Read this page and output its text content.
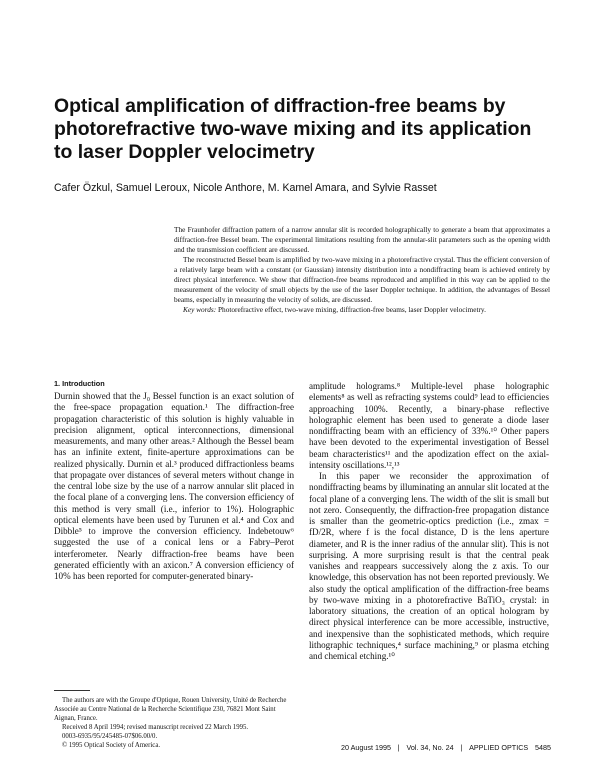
Optical amplification of diffraction-free beams by photorefractive two-wave mixing and its application to laser Doppler velocimetry

Cafer Özkul, Samuel Leroux, Nicole Anthore, M. Kamel Amara, and Sylvie Rasset

The Fraunhofer diffraction pattern of a narrow annular slit is recorded holographically to generate a beam that approximates a diffraction-free Bessel beam. The experimental limitations resulting from the annular-slit parameters such as the opening width and the transmission coefficient are discussed.

The reconstructed Bessel beam is amplified by two-wave mixing in a photorefractive crystal. Thus the efficient conversion of a relatively large beam with a constant (or Gaussian) intensity distribution into a nondiffracting beam is achieved entirely by direct physical interference. We show that diffraction-free beams reproduced and amplified in this way can be applied to the measurement of the velocity of small objects by the use of the laser Doppler technique. In addition, the advantages of Bessel beams, especially in measuring the velocity of solids, are discussed.

Key words: Photorefractive effect, two-wave mixing, diffraction-free beams, laser Doppler velocimetry.

1. Introduction

Durnin showed that the J₀ Bessel function is an exact solution of the free-space propagation equation.¹ The diffraction-free propagation characteristic of this solution is highly valuable in precision alignment, optical interconnections, dimensional measurements, and many other areas.² Although the Bessel beam has an infinite extent, finite-aperture approximations can be realized physically. Durnin et al.³ produced diffractionless beams that propagate over distances of several meters without change in the central lobe size by the use of a narrow annular slit placed in the focal plane of a converging lens. The conversion efficiency of this method is very small (i.e., inferior to 1%). Holographic optical elements have been used by Turunen et al.⁴ and Cox and Dibble⁵ to improve the conversion efficiency. Indebetouw⁶ suggested the use of a conical lens or a Fabry–Perot interferometer. Nearly diffraction-free beams have been generated efficiently with an axicon.⁷ A conversion efficiency of 10% has been reported for computer-generated binary-

amplitude holograms.⁸ Multiple-level phase holographic elements⁸ as well as refracting systems could⁹ lead to efficiencies approaching 100%. Recently, a binary-phase reflective holographic element has been used to generate a diode laser nondiffracting beam with an efficiency of 33%.¹⁰ Other papers have been devoted to the experimental investigation of Bessel beam characteristics¹¹ and the apodization effect on the axial-intensity oscillations.¹²,¹³

In this paper we reconsider the approximation of nondiffracting beams by illuminating an annular slit located at the focal plane of a converging lens. The width of the slit is small but not zero. Consequently, the diffraction-free propagation distance is smaller than the geometric-optics prediction (i.e., zmax = fD/2R, where f is the focal distance, D is the lens aperture diameter, and R is the inner radius of the annular slit). This is not surprising. A more surprising result is that the central peak vanishes and reappears successively along the z axis. To our knowledge, this observation has not been reported previously. We also study the optical amplification of the diffraction-free beams by two-wave mixing in a photorefractive BaTiO₃ crystal: in laboratory situations, the creation of an optical hologram by direct physical interference can be more accessible, instructive, and inexpensive than the sophisticated methods, which require lithographic techniques,⁴ surface machining,⁹ or plasma etching and chemical etching.¹⁰

The authors are with the Groupe d'Optique, Rouen University, Unité de Recherche Associée au Centre National de la Recherche Scientifique 230, 76821 Mont Saint Aignan, France.

Received 8 April 1994; revised manuscript received 22 March 1995.

0003-6935/95/245485-07$06.00/0.

© 1995 Optical Society of America.	20 August 1995 | Vol. 34, No. 24 | APPLIED OPTICS 5485
